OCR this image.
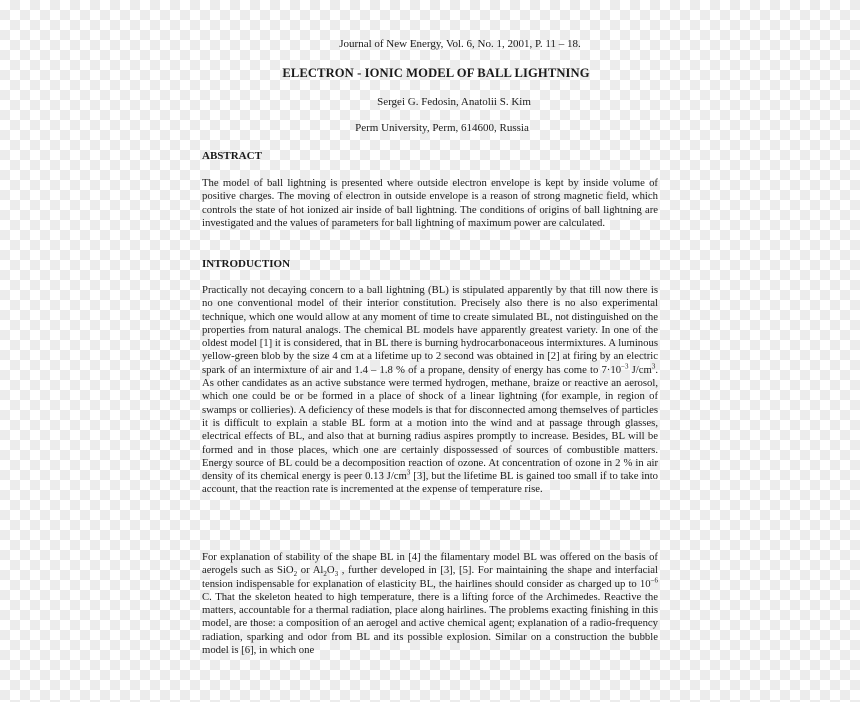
Journal of New Energy, Vol. 6, No. 1, 2001, P. 11 – 18.
ELECTRON - IONIC MODEL OF BALL LIGHTNING
Sergei G. Fedosin, Anatolii S. Kim
Perm University, Perm, 614600, Russia
ABSTRACT
The model of ball lightning is presented where outside electron envelope is kept by inside volume of positive charges. The moving of electron in outside envelope is a reason of strong magnetic field, which controls the state of hot ionized air inside of ball lightning. The conditions of origins of ball lightning are investigated and the values of parameters for ball lightning of maximum power are calculated.
INTRODUCTION
Practically not decaying concern to a ball lightning (BL) is stipulated apparently by that till now there is no one conventional model of their interior constitution. Precisely also there is no also experimental technique, which one would allow at any moment of time to create simulated BL, not distinguished on the properties from natural analogs. The chemical BL models have apparently greatest variety. In one of the oldest model [1] it is considered, that in BL there is burning hydrocarbonaceous intermixtures. A luminous yellow-green blob by the size 4 cm at a lifetime up to 2 second was obtained in [2] at firing by an electric spark of an intermixture of air and 1.4 – 1.8 % of a propane, density of energy has come to $7\cdot 10^{-3}$ $J/cm^3$. As other candidates as an active substance were termed hydrogen, methane, braize or reactive an aerosol, which one could be or be formed in a place of shock of a linear lightning (for example, in region of swamps or collieries). A deficiency of these models is that for disconnected among themselves of particles it is difficult to explain a stable BL form at a motion into the wind and at passage through glasses, electrical effects of BL, and also that at burning radius aspires promptly to increase. Besides, BL will be formed and in those places, which one are certainly dispossessed of sources of combustible matters. Energy source of BL could be a decomposition reaction of ozone. At concentration of ozone in 2 % in air density of its chemical energy is peer 0.13 $J/cm^3$ [3], but the lifetime BL is gained too small if to take into account, that the reaction rate is incremented at the expense of temperature rise.
For explanation of stability of the shape BL in [4] the filamentary model BL was offered on the basis of aerogels such as SiO$_2$ or $Al_2O_3$ , further developed in [3], [5]. For maintaining the shape and interfacial tension indispensable for explanation of elasticity BL, the hairlines should consider as charged up to $10^{-6}$ C. That the skeleton heated to high temperature, there is a lifting force of the Archimedes. Reactive the matters, accountable for a thermal radiation, place along hairlines. The problems exacting finishing in this model, are those: a composition of an aerogel and active chemical agent; explanation of a radio-frequency radiation, sparking and odor from BL and its possible explosion. Similar on a construction the bubble model is [6], in which one
